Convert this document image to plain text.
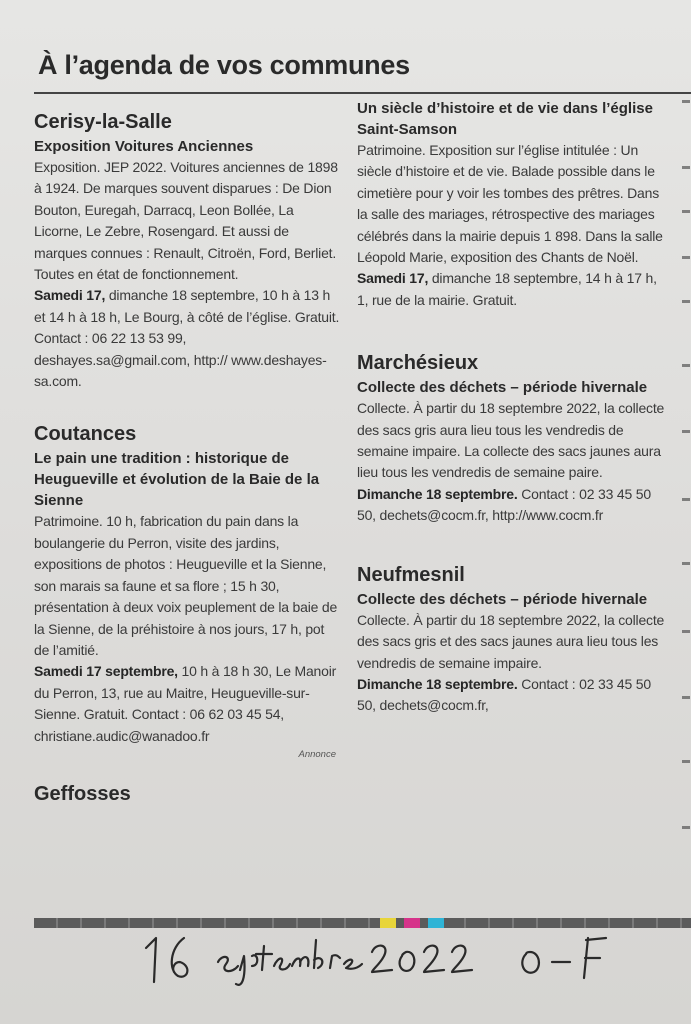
À l’agenda de vos communes
Cerisy-la-Salle
Exposition Voitures Anciennes

Exposition. JEP 2022. Voitures anciennes de 1898 à 1924. De marques souvent disparues : De Dion Bouton, Euregah, Darracq, Leon Bollée, La Licorne, Le Zebre, Rosengard. Et aussi de marques connues : Renault, Citroën, Ford, Berliet. Toutes en état de fonctionnement.

Samedi 17, dimanche 18 septembre, 10 h à 13 h et 14 h à 18 h, Le Bourg, à côté de l’église. Gratuit. Contact : 06 22 13 53 99, deshayes.sa@gmail.com, http:// www.deshayes-sa.com.

Coutances
Le pain une tradition : historique de Heugueville et évolution de la Baie de la Sienne

Patrimoine. 10 h, fabrication du pain dans la boulangerie du Perron, visite des jardins, expositions de photos : Heugueville et la Sienne, son marais sa faune et sa flore ; 15 h 30, présentation à deux voix peuplement de la baie de la Sienne, de la préhistoire à nos jours, 17 h, pot de l’amitié.

Samedi 17 septembre, 10 h à 18 h 30, Le Manoir du Perron, 13, rue au Maitre, Heugueville-sur-Sienne. Gratuit. Contact : 06 62 03 45 54, christiane.audic@wanadoo.fr

Annonce

Geffosses
Un siècle d’histoire et de vie dans l’église Saint-Samson

Patrimoine. Exposition sur l’église intitulée : Un siècle d’histoire et de vie. Balade possible dans le cimetière pour y voir les tombes des prêtres. Dans la salle des mariages, rétrospective des mariages célébrés dans la mairie depuis 1 898. Dans la salle Léopold Marie, exposition des Chants de Noël.

Samedi 17, dimanche 18 septembre, 14 h à 17 h, 1, rue de la mairie. Gratuit.

Marchésieux
Collecte des déchets – période hivernale

Collecte. À partir du 18 septembre 2022, la collecte des sacs gris aura lieu tous les vendredis de semaine impaire. La collecte des sacs jaunes aura lieu tous les vendredis de semaine paire.

Dimanche 18 septembre. Contact : 02 33 45 50 50, dechets@cocm.fr, http://www.cocm.fr

Neufmesnil
Collecte des déchets – période hivernale

Collecte. À partir du 18 septembre 2022, la collecte des sacs gris et des sacs jaunes aura lieu tous les vendredis de semaine impaire.

Dimanche 18 septembre. Contact : 02 33 45 50 50, dechets@cocm.fr,
